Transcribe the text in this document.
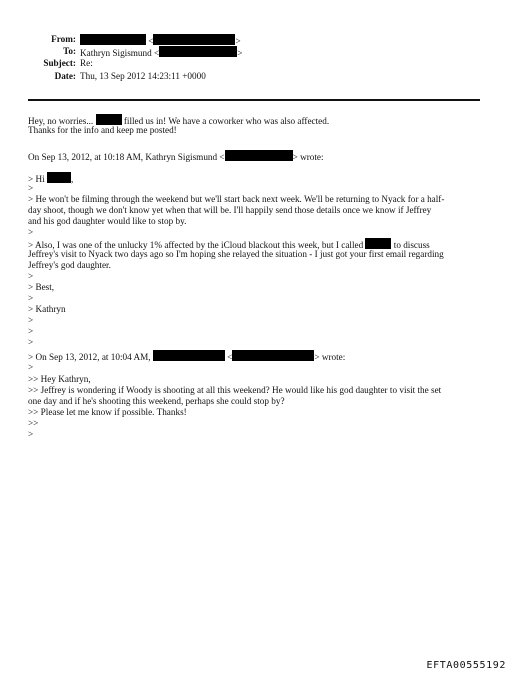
From:	<	>
To: Kathryn Sigismund <	>
Subject: Re:
Date: Thu, 13 Sep 2012 14:23:11 +0000
Hey, no worries...	filled us in! We have a coworker who was also affected.
Thanks for the info and keep me posted!
On Sep 13, 2012, at 10:18 AM, Kathryn Sigismund <	> wrote:
> Hi	,
>
> He won't be filming through the weekend but we'll start back next week. We'll be returning to Nyack for a half-
day shoot, though we don't know yet when that will be. I'll happily send those details once we know if Jeffrey
and his god daughter would like to stop by.
>
> Also, I was one of the unlucky 1% affected by the iCloud blackout this week, but I called	to discuss
Jeffrey's visit to Nyack two days ago so I'm hoping she relayed the situation - I just got your first email regarding
Jeffrey's god daughter.
>
> Best,
>
> Kathryn
>
>
>
> On Sep 13, 2012, at 10:04 AM,	<	> wrote:
>
>> Hey Kathryn,
>> Jeffrey is wondering if Woody is shooting at all this weekend? He would like his god daughter to visit the set
one day and if he's shooting this weekend, perhaps she could stop by?
>> Please let me know if possible. Thanks!
>>
>
EFTA00555192
